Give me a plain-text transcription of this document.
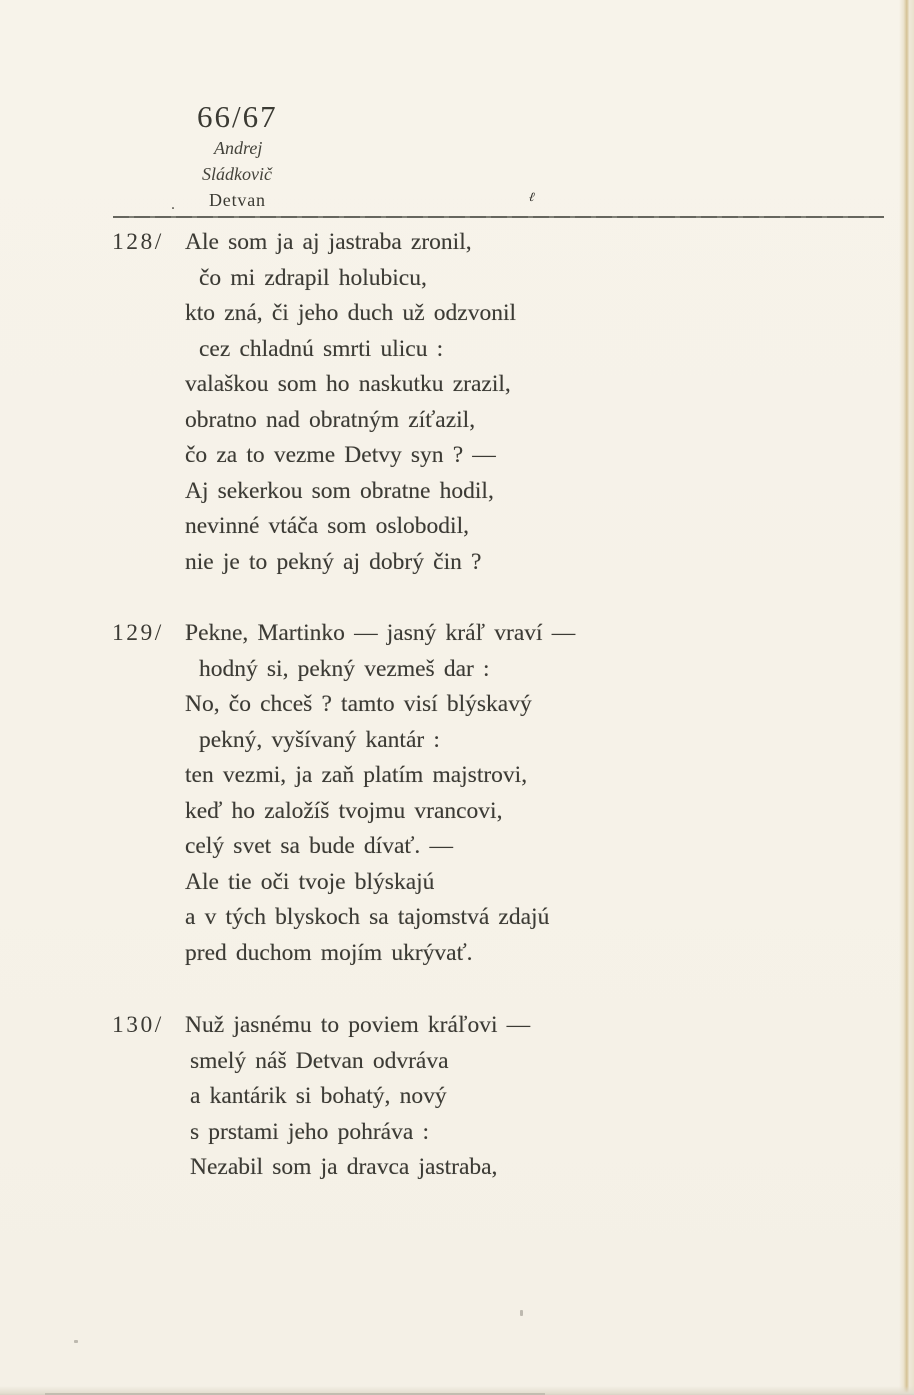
66/67
Andrej
Sládkovič
Detvan
.	ℓ
128/ Ale som ja aj jastraba zronil,
čo mi zdrapil holubicu,
kto zná, či jeho duch už odzvonil
cez chladnú smrti ulicu :
valaškou som ho naskutku zrazil,
obratno nad obratným zíťazil,
čo za to vezme Detvy syn ? —
Aj sekerkou som obratne hodil,
nevinné vtáča som oslobodil,
nie je to pekný aj dobrý čin ?
129/ Pekne, Martinko — jasný kráľ vraví —
hodný si, pekný vezmeš dar :
No, čo chceš ? tamto visí blýskavý
pekný, vyšívaný kantár :
ten vezmi, ja zaň platím majstrovi,
keď ho založíš tvojmu vrancovi,
celý svet sa bude dívať. —
Ale tie oči tvoje blýskajú
a v tých blyskoch sa tajomstvá zdajú
pred duchom mojím ukrývať.
130/ Nuž jasnému to poviem kráľovi —
smelý náš Detvan odvráva
a kantárik si bohatý, nový
s prstami jeho pohráva :
Nezabil som ja dravca jastraba,
